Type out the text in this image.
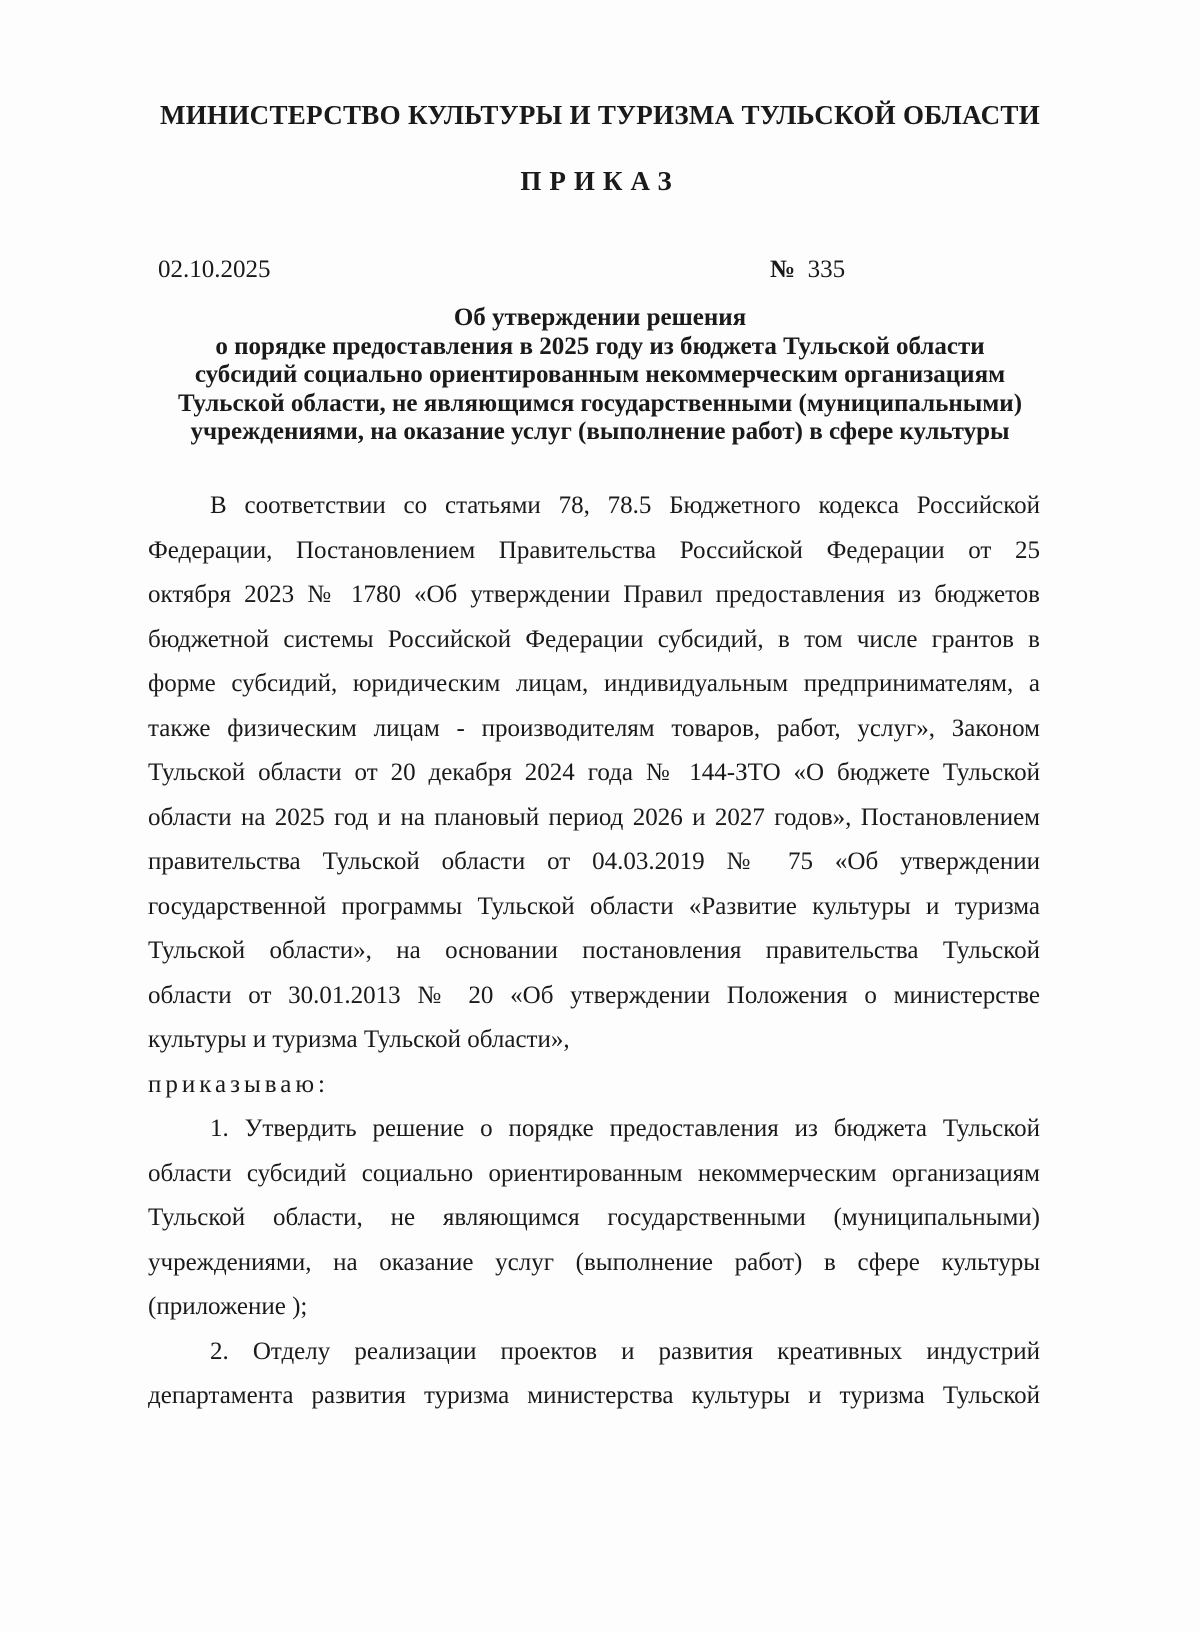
МИНИСТЕРСТВО КУЛЬТУРЫ И ТУРИЗМА ТУЛЬСКОЙ ОБЛАСТИ
ПРИКАЗ
02.10.2025	№ 335
Об утверждении решения
о порядке предоставления в 2025 году из бюджета Тульской области
субсидий социально ориентированным некоммерческим организациям
Тульской области, не являющимся государственными (муниципальными)
учреждениями, на оказание услуг (выполнение работ) в сфере культуры
В соответствии со статьями 78, 78.5 Бюджетного кодекса Российской
Федерации, Постановлением Правительства Российской Федерации от 25
октября 2023 № 1780 «Об утверждении Правил предоставления из бюджетов
бюджетной системы Российской Федерации субсидий, в том числе грантов в
форме субсидий, юридическим лицам, индивидуальным предпринимателям, а
также физическим лицам - производителям товаров, работ, услуг», Законом
Тульской области от 20 декабря 2024 года № 144-ЗТО «О бюджете Тульской
области на 2025 год и на плановый период 2026 и 2027 годов», Постановлением
правительства Тульской области от 04.03.2019 № 75 «Об утверждении
государственной программы Тульской области «Развитие культуры и туризма
Тульской области», на основании постановления правительства Тульской
области от 30.01.2013 № 20 «Об утверждении Положения о министерстве
культуры и туризма Тульской области»,

приказываю:

1. Утвердить решение о порядке предоставления из бюджета Тульской
области субсидий социально ориентированным некоммерческим организациям
Тульской области, не являющимся государственными (муниципальными)
учреждениями, на оказание услуг (выполнение работ) в сфере культуры
(приложение );
2. Отделу реализации проектов и развития креативных индустрий
департамента развития туризма министерства культуры и туризма Тульской
